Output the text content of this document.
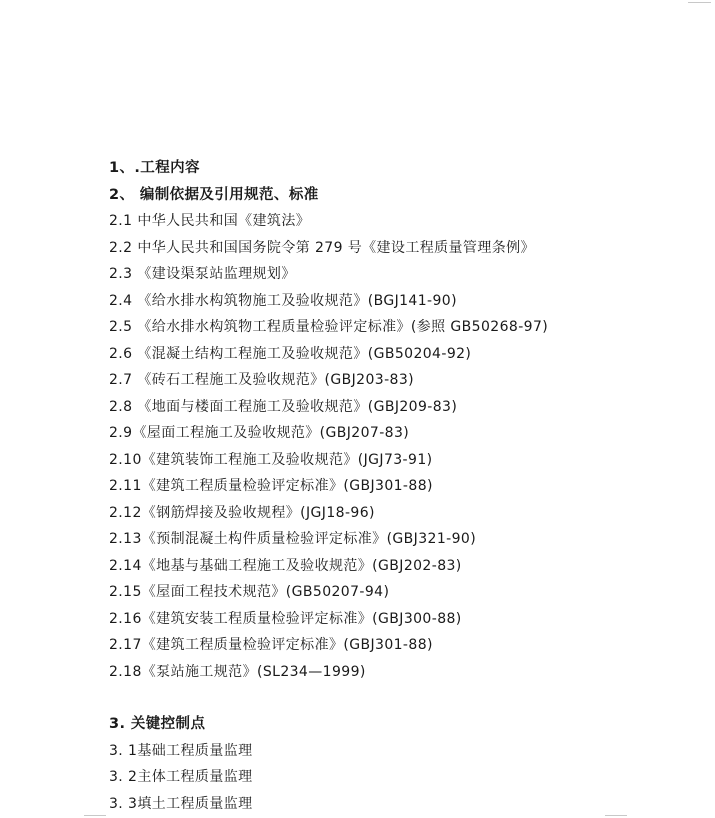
1、.工程内容
2、 编制依据及引用规范、标准
2.1 中华人民共和国《建筑法》
2.2 中华人民共和国国务院令第 279 号《建设工程质量管理条例》
2.3 《建设渠泵站监理规划》
2.4 《给水排水构筑物施工及验收规范》(BGJ141-90)
2.5 《给水排水构筑物工程质量检验评定标准》(参照 GB50268-97)
2.6 《混凝土结构工程施工及验收规范》(GB50204-92)
2.7 《砖石工程施工及验收规范》(GBJ203-83)
2.8 《地面与楼面工程施工及验收规范》(GBJ209-83)
2.9《屋面工程施工及验收规范》(GBJ207-83)
2.10《建筑装饰工程施工及验收规范》(JGJ73-91)
2.11《建筑工程质量检验评定标准》(GBJ301-88)
2.12《钢筋焊接及验收规程》(JGJ18-96)
2.13《预制混凝土构件质量检验评定标准》(GBJ321-90)
2.14《地基与基础工程施工及验收规范》(GBJ202-83)
2.15《屋面工程技术规范》(GB50207-94)
2.16《建筑安装工程质量检验评定标准》(GBJ300-88)
2.17《建筑工程质量检验评定标准》(GBJ301-88)
2.18《泵站施工规范》(SL234—1999)
3. 关键控制点
3. 1基础工程质量监理
3. 2主体工程质量监理
3. 3填土工程质量监理
